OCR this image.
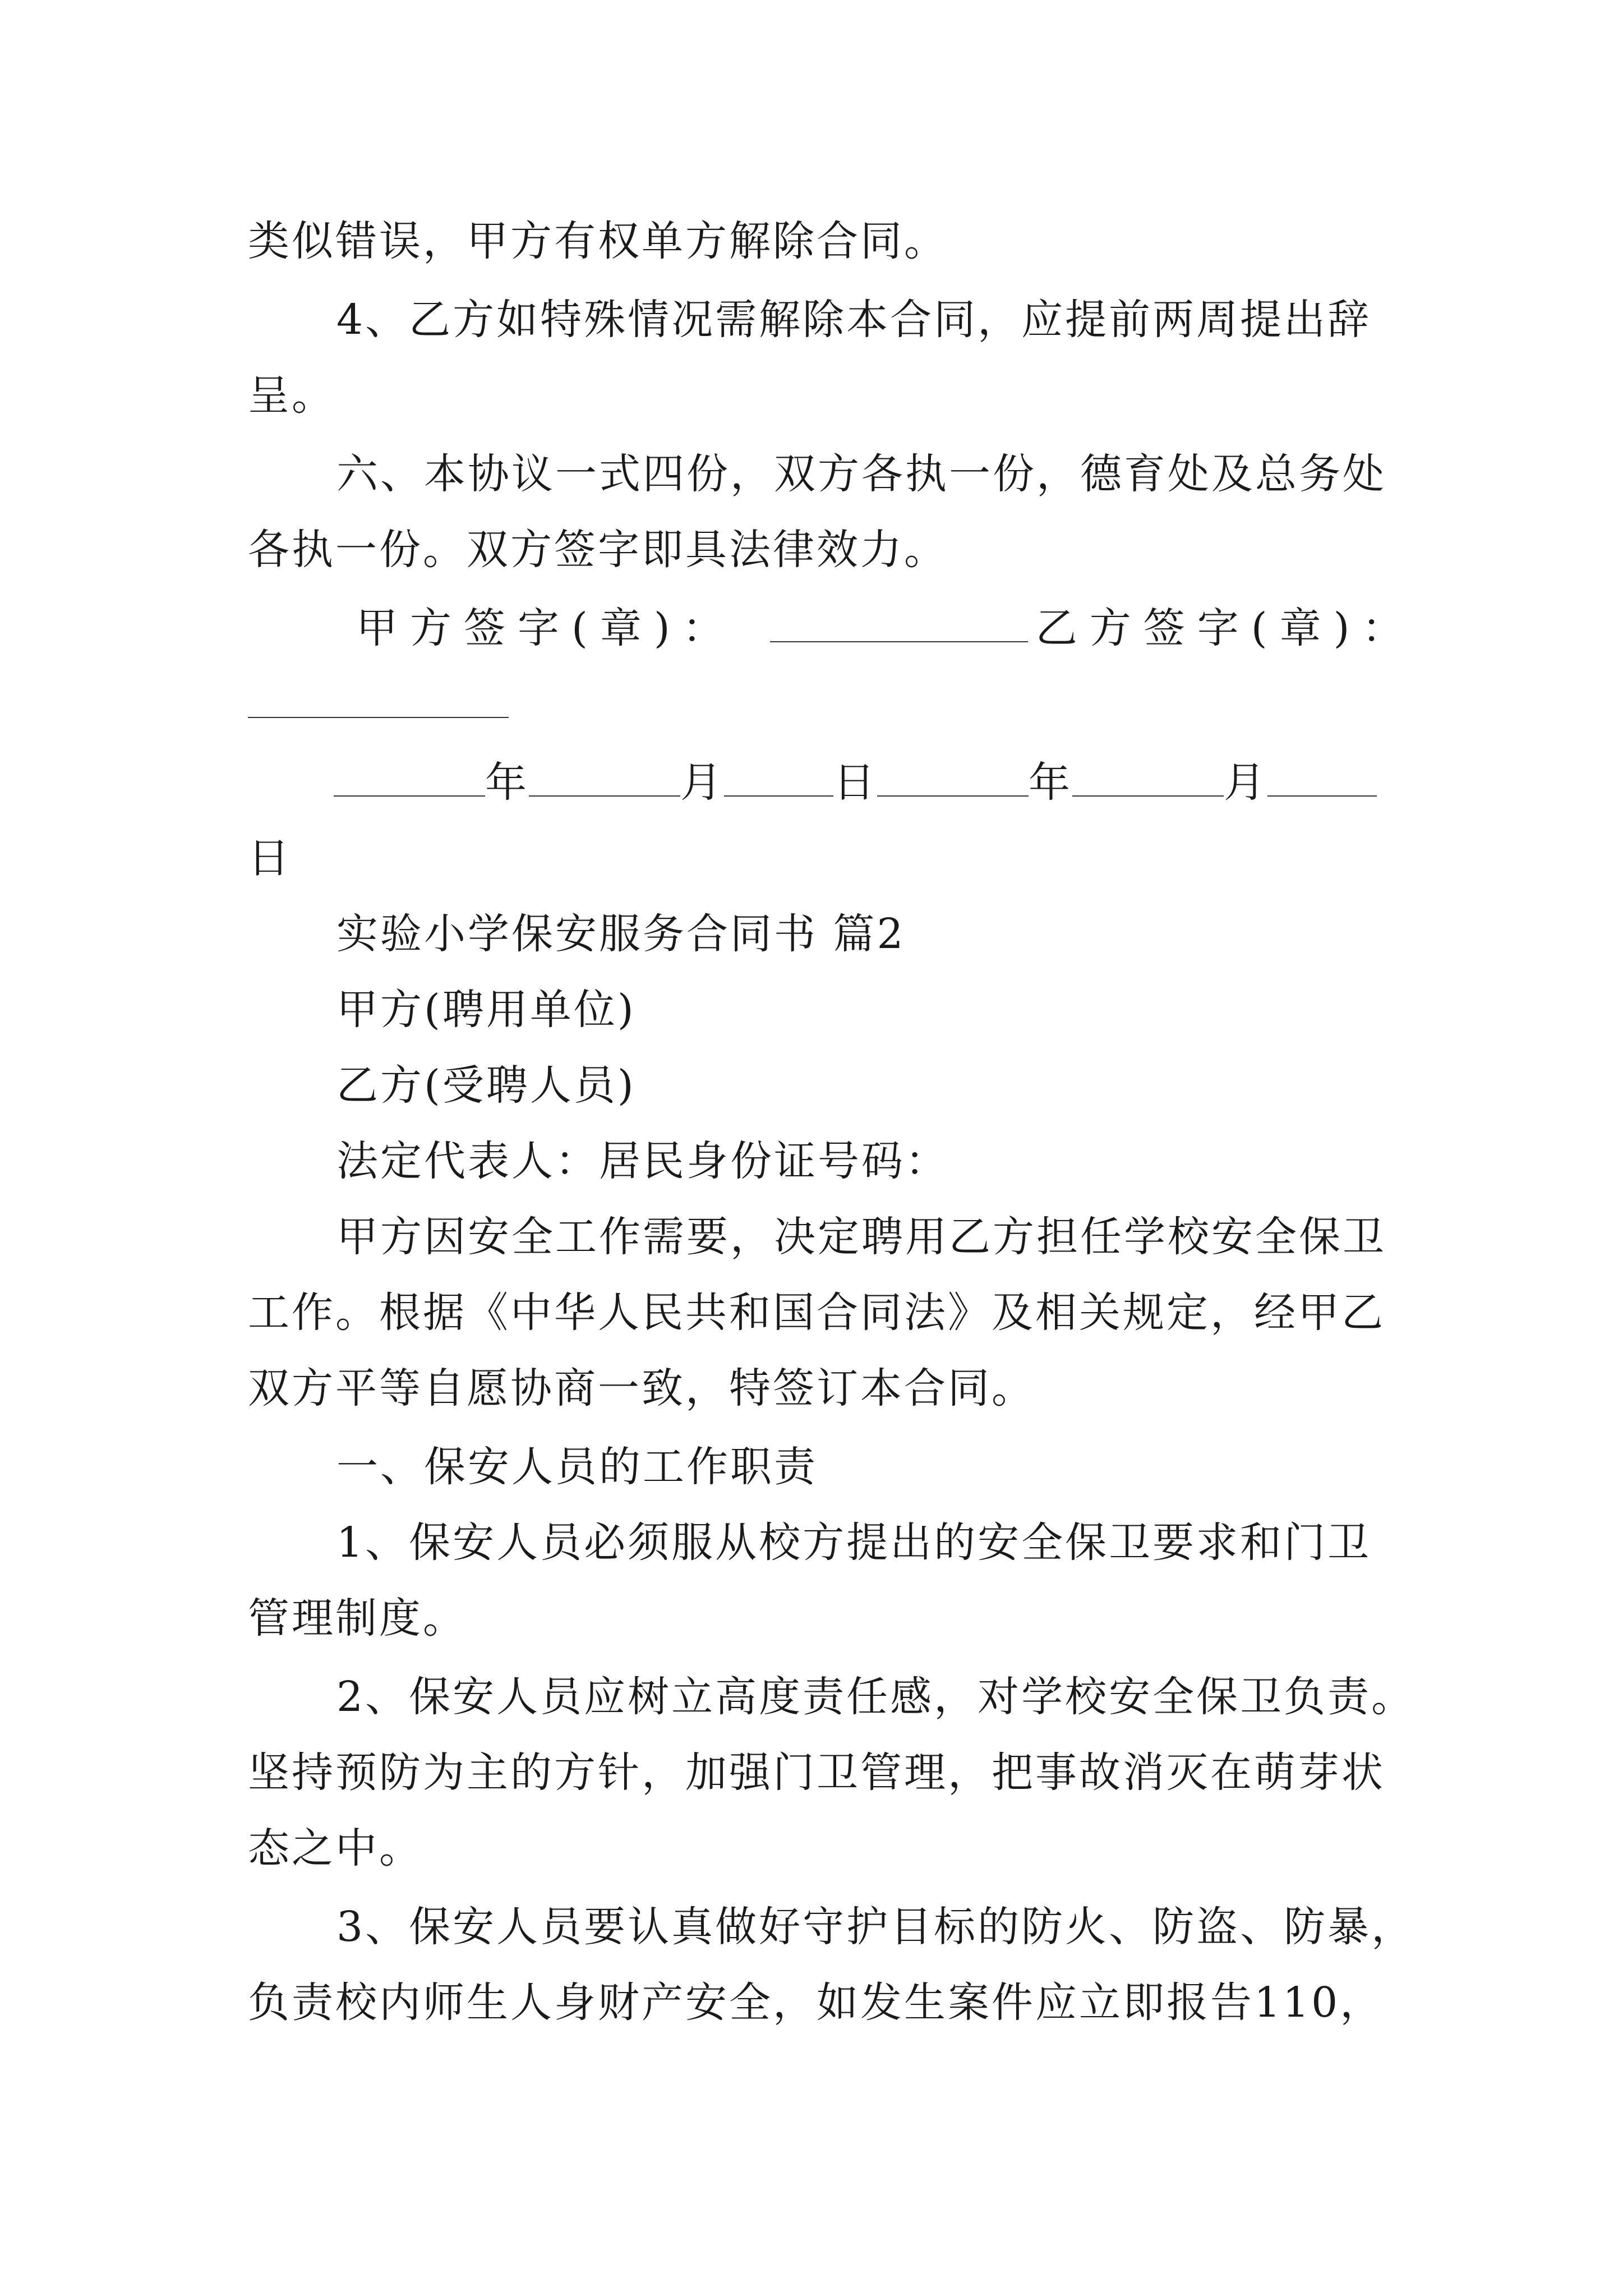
类似错误，甲方有权单方解除合同。
4、乙方如特殊情况需解除本合同，应提前两周提出辞
呈。
六、本协议一式四份，双方各执一份，德育处及总务处
各执一份。双方签字即具法律效力。
甲方签字(章)：	乙方签字(章)：
年	月	日	年	月
日
实验小学保安服务合同书 篇2
甲方(聘用单位)
乙方(受聘人员)
法定代表人：居民身份证号码：
甲方因安全工作需要，决定聘用乙方担任学校安全保卫
工作。根据《中华人民共和国合同法》及相关规定，经甲乙
双方平等自愿协商一致，特签订本合同。
一、保安人员的工作职责
1、保安人员必须服从校方提出的安全保卫要求和门卫
管理制度。
2、保安人员应树立高度责任感，对学校安全保卫负责。
坚持预防为主的方针，加强门卫管理，把事故消灭在萌芽状
态之中。
3、保安人员要认真做好守护目标的防火、防盗、防暴，
负责校内师生人身财产安全，如发生案件应立即报告110，
